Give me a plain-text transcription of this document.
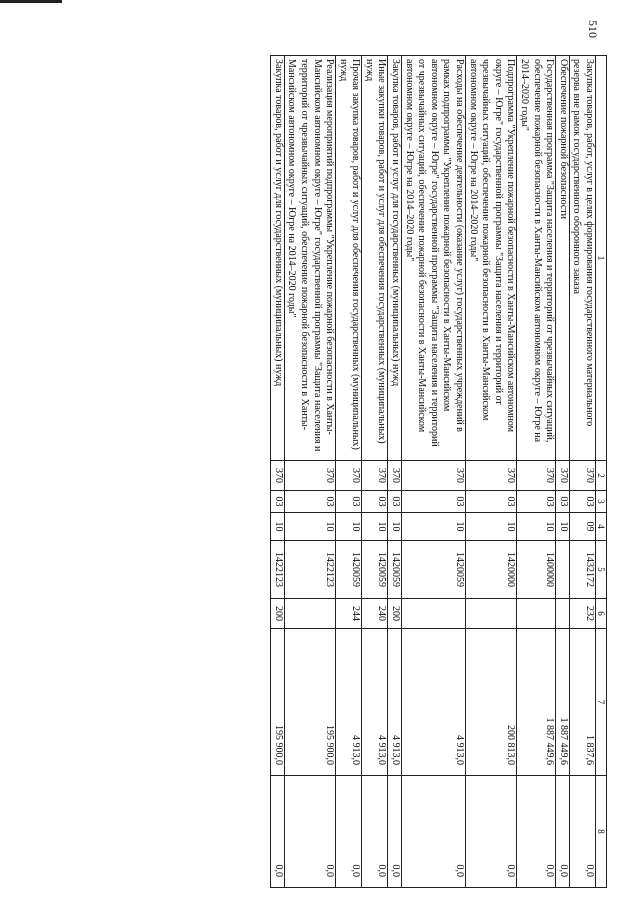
510
1	2	3	4	5	6	7	8
Закупка товаров, работ, услуг в целях формирования государственного материального резерва вне рамок государственного оборонного заказа	370	03	09	1432172	232	1 837,6	0,0
Обеспечение пожарной безопасности	370	03	10			1 887 449,6	0,0
Государственная программа "Защита населения и территорий от чрезвычайных ситуаций, обеспечение пожарной безопасности в Ханты-Мансийском автономном округе – Югре на 2014–2020 годы"	370	03	10	1400000		1 887 449,6	0,0
Подпрограмма "Укрепление пожарной безопасности в Ханты-Мансийском автономном округе – Югре" государственной программы "Защита населения и территорий от чрезвычайных ситуаций, обеспечение пожарной безопасности в Ханты-Мансийском автономном округе – Югре на 2014–2020 годы"	370	03	10	1420000		200 813,0	0,0
Расходы на обеспечение деятельности (оказание услуг) государственных учреждений в рамках подпрограммы "Укрепление пожарной безопасности в Ханты-Мансийском автономном округе – Югре" государственной программы "Защита населения и территорий от чрезвычайных ситуаций, обеспечение пожарной безопасности в Ханты-Мансийском автономном округе – Югре на 2014–2020 годы"	370	03	10	1420059		4 913,0	0,0
Закупка товаров, работ и услуг для государственных (муниципальных) нужд	370	03	10	1420059	200	4 913,0	0,0
Иные закупки товаров, работ и услуг для обеспечения государственных (муниципальных) нужд	370	03	10	1420059	240	4 913,0	0,0
Прочая закупка товаров, работ и услуг для обеспечения государственных (муниципальных) нужд	370	03	10	1420059	244	4 913,0	0,0
Реализация мероприятий подпрограммы "Укрепление пожарной безопасности в Ханты-Мансийском автономном округе – Югре" государственной программы "Защита населения и территорий от чрезвычайных ситуаций, обеспечение пожарной безопасности в Ханты-Мансийском автономном округе – Югре на 2014–2020 годы"	370	03	10	1422123		195 900,0	0,0
Закупка товаров, работ и услуг для государственных (муниципальных) нужд	370	03	10	1422123	200	195 900,0	0,0
